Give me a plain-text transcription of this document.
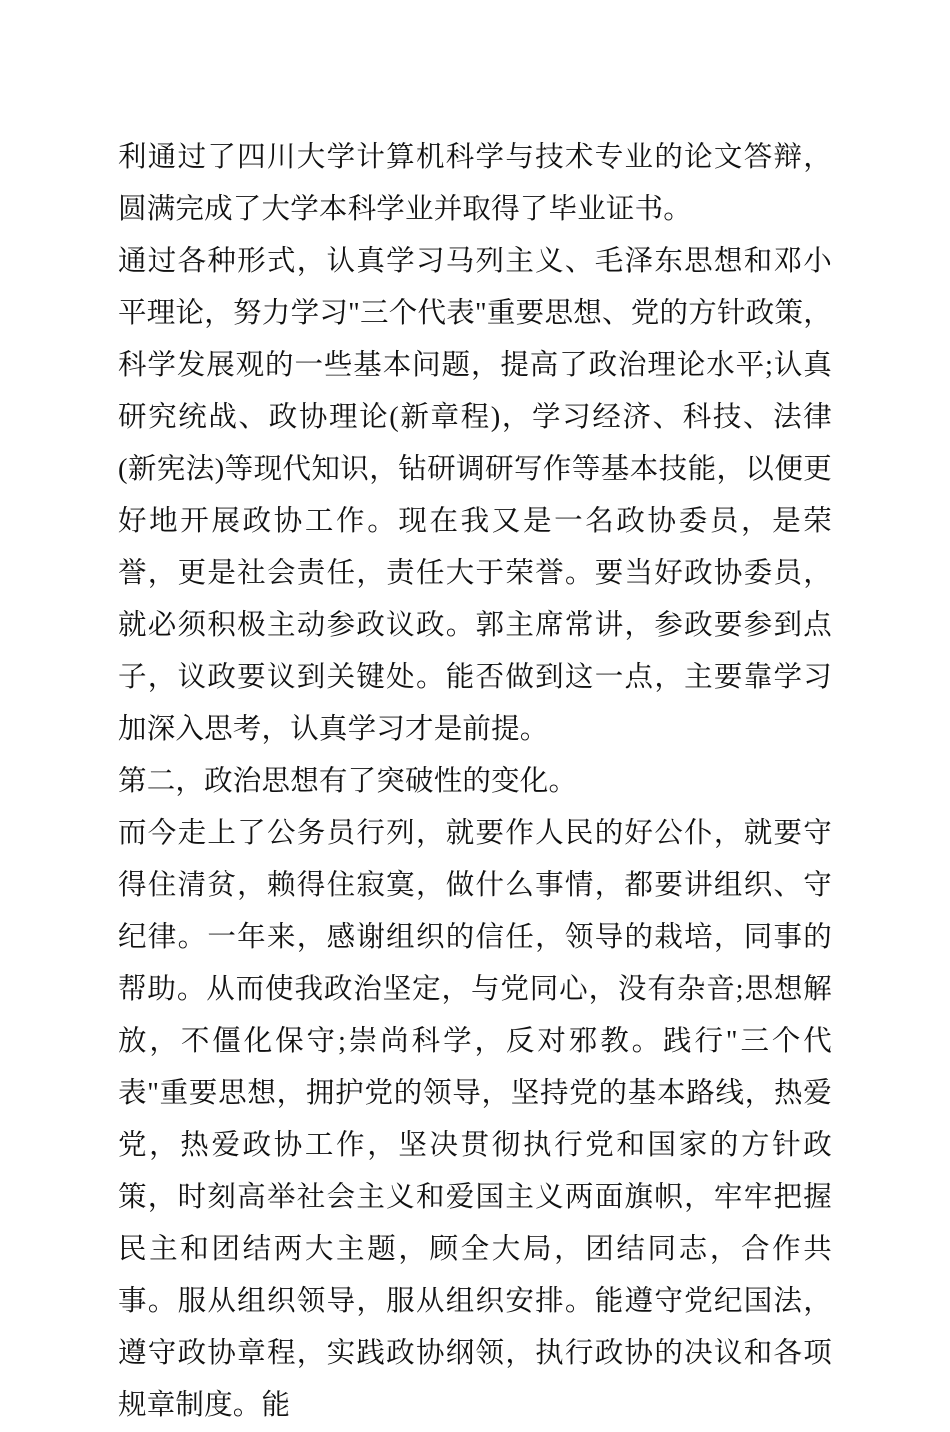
利通过了四川大学计算机科学与技术专业的论文答辩，圆满完成了大学本科学业并取得了毕业证书。

通过各种形式，认真学习马列主义、毛泽东思想和邓小平理论，努力学习"三个代表"重要思想、党的方针政策，科学发展观的一些基本问题，提高了政治理论水平;认真研究统战、政协理论(新章程)，学习经济、科技、法律(新宪法)等现代知识，钻研调研写作等基本技能，以便更好地开展政协工作。现在我又是一名政协委员，是荣誉，更是社会责任，责任大于荣誉。要当好政协委员，就必须积极主动参政议政。郭主席常讲，参政要参到点子，议政要议到关键处。能否做到这一点，主要靠学习加深入思考，认真学习才是前提。

第二，政治思想有了突破性的变化。

而今走上了公务员行列，就要作人民的好公仆，就要守得住清贫，赖得住寂寞，做什么事情，都要讲组织、守纪律。一年来，感谢组织的信任，领导的栽培，同事的帮助。从而使我政治坚定，与党同心，没有杂音;思想解放，不僵化保守;崇尚科学，反对邪教。践行"三个代表"重要思想，拥护党的领导，坚持党的基本路线，热爱党，热爱政协工作，坚决贯彻执行党和国家的方针政策，时刻高举社会主义和爱国主义两面旗帜，牢牢把握民主和团结两大主题，顾全大局，团结同志，合作共事。服从组织领导，服从组织安排。能遵守党纪国法，遵守政协章程，实践政协纲领，执行政协的决议和各项规章制度。能
